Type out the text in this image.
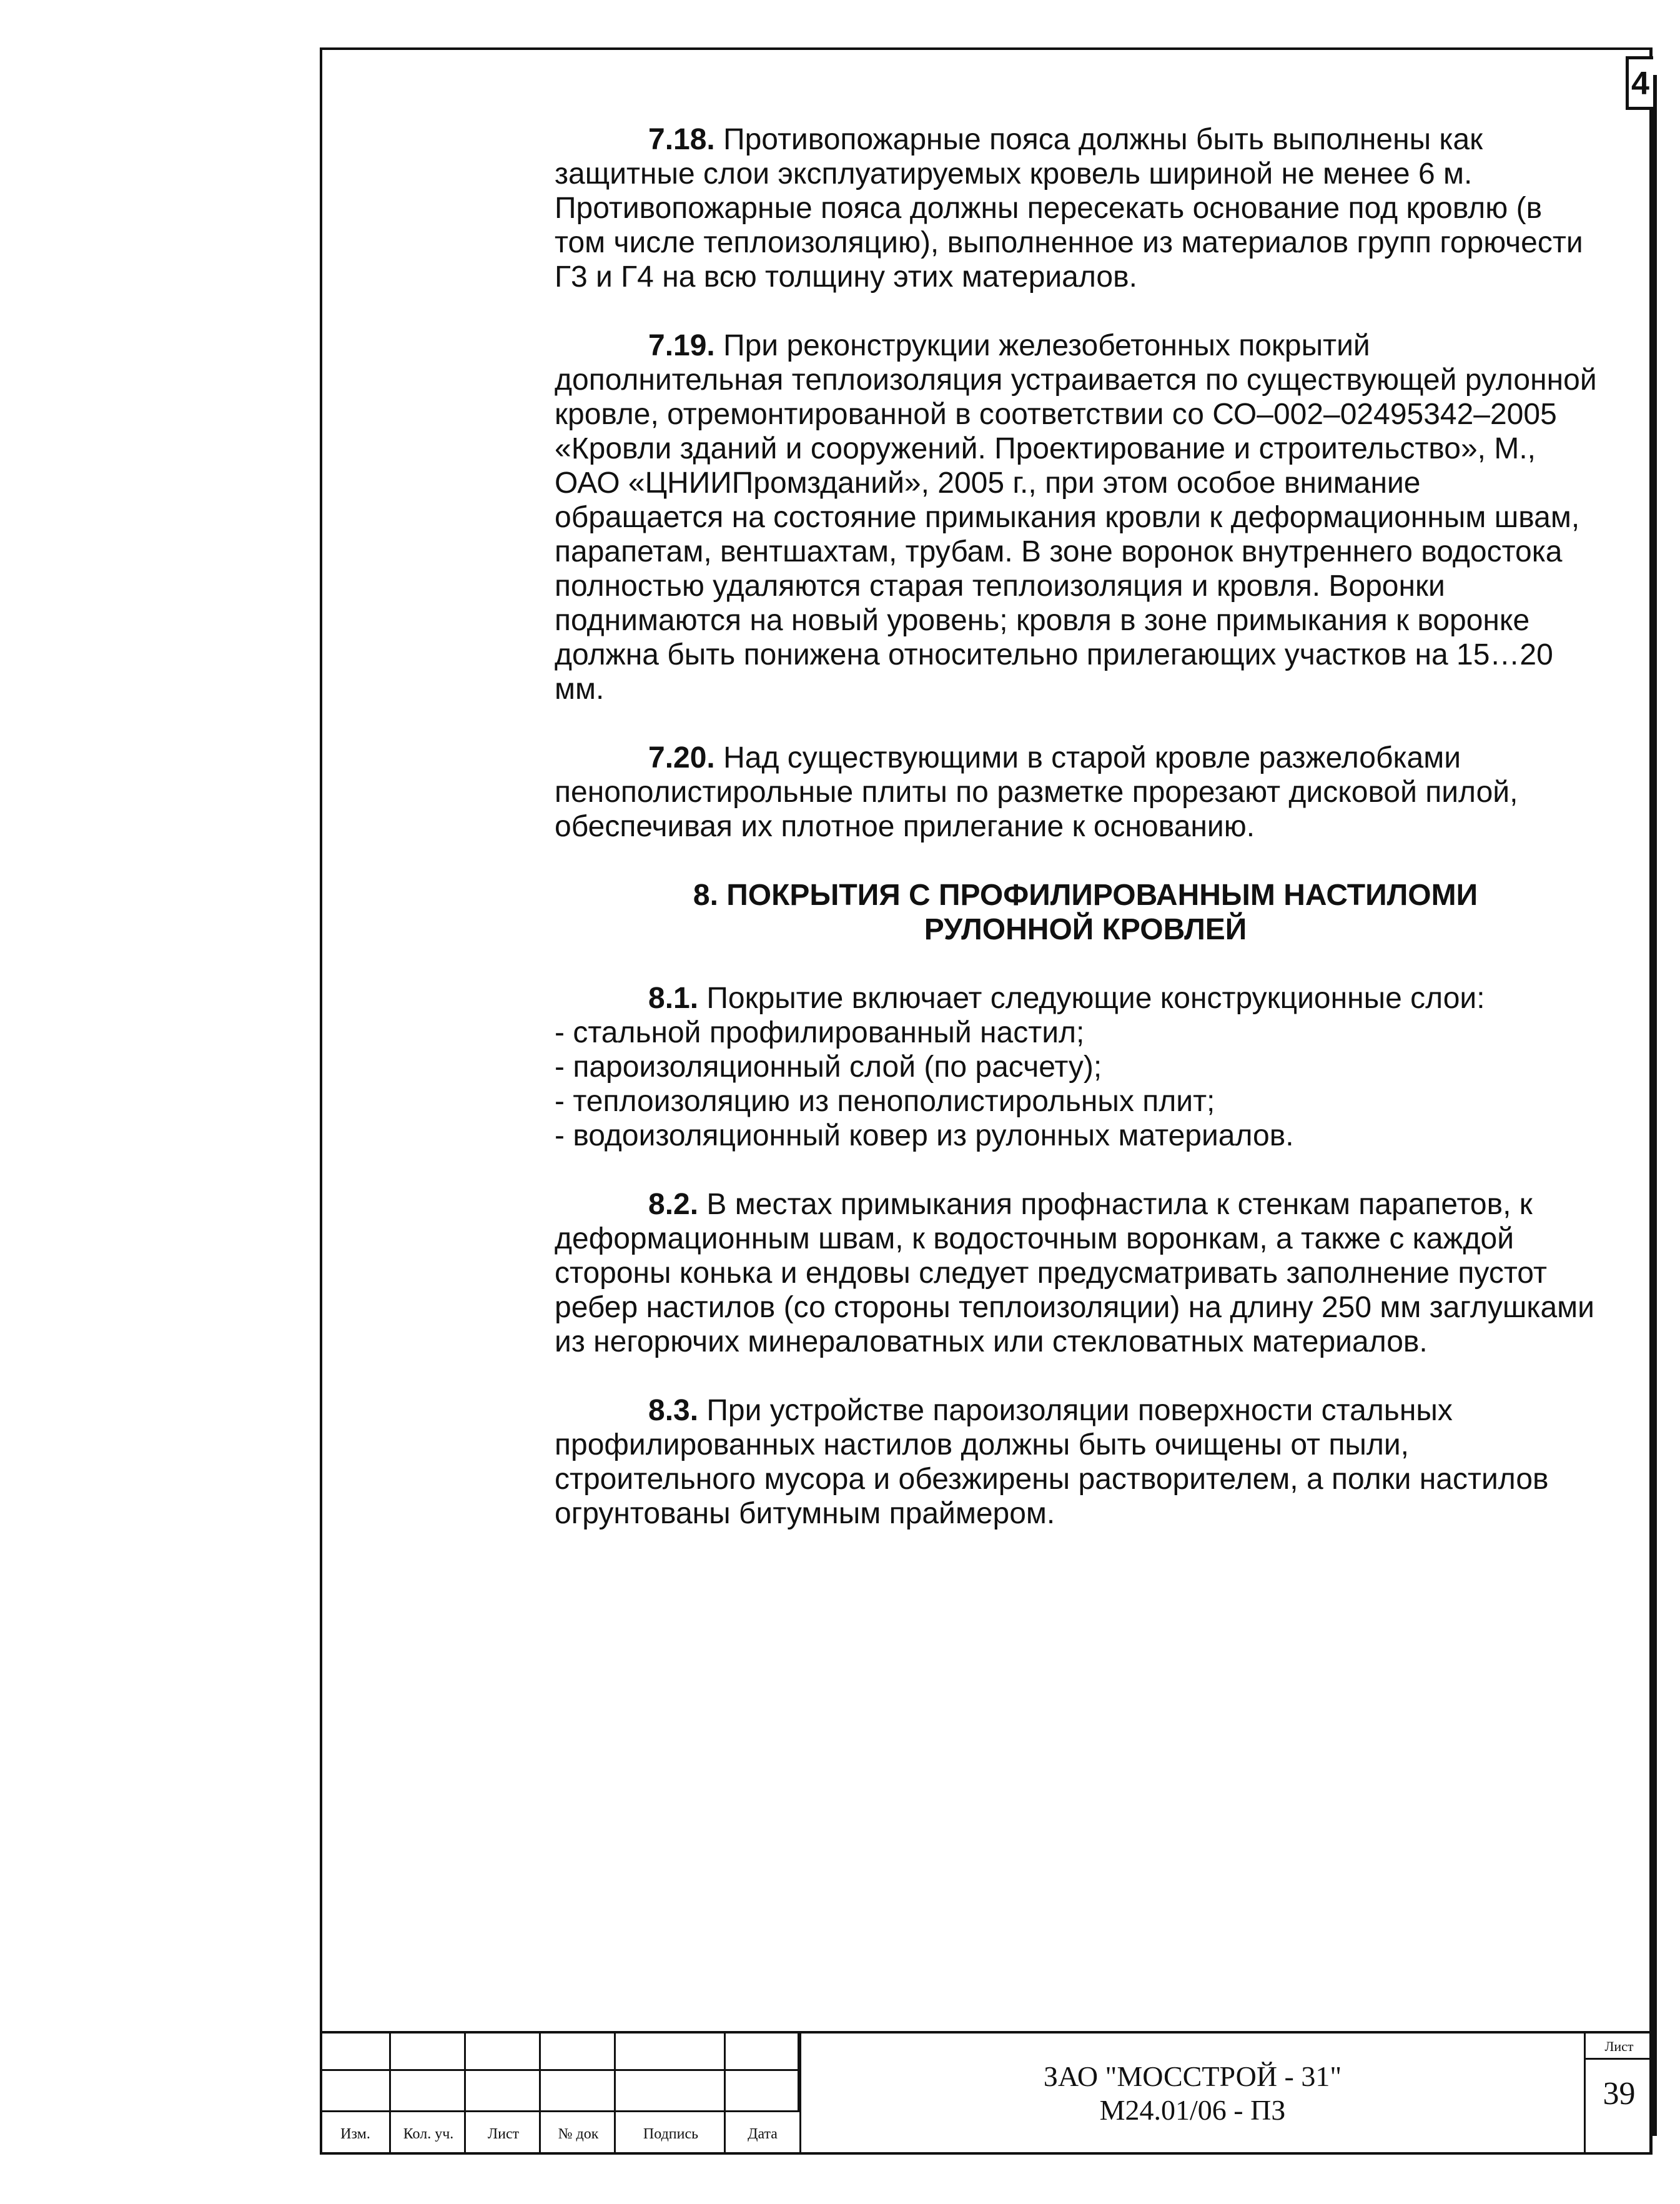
4

7.18. Противопожарные пояса должны быть выполнены как защитные слои эксплуатируемых кровель шириной не менее 6 м. Противопожарные пояса должны пересекать основание под кровлю (в том числе теплоизоляцию), выполненное из материалов групп горючести Г3 и Г4 на всю толщину этих материалов.

7.19. При реконструкции железобетонных покрытий дополнительная теплоизоляция устраивается по существующей рулонной кровле, отремонтированной в соответствии со СО–002–02495342–2005 «Кровли зданий и сооружений. Проектирование и строительство», М., ОАО «ЦНИИПромзданий», 2005 г., при этом особое внимание обращается на состояние примыкания кровли к деформационным швам, парапетам, вентшахтам, трубам. В зоне воронок внутреннего водостока полностью удаляются старая теплоизоляция и кровля. Воронки поднимаются на новый уровень; кровля в зоне примыкания к воронке должна быть понижена относительно прилегающих участков на 15…20 мм.

7.20. Над существующими в старой кровле разжелобками пенополистирольные плиты по разметке прорезают дисковой пилой, обеспечивая их плотное прилегание к основанию.

8. ПОКРЫТИЯ С ПРОФИЛИРОВАННЫМ НАСТИЛОМИ
РУЛОННОЙ КРОВЛЕЙ
8.1. Покрытие включает следующие конструкционные слои:
- стальной профилированный настил;
- пароизоляционный слой (по расчету);
- теплоизоляцию из пенополистирольных плит;
- водоизоляционный ковер из рулонных материалов.

8.2. В местах примыкания профнастила к стенкам парапетов, к деформационным швам, к водосточным воронкам, а также с каждой стороны конька и ендовы следует предусматривать заполнение пустот ребер настилов (со стороны теплоизоляции) на длину 250 мм заглушками из негорючих минераловатных или стекловатных материалов.

8.3. При устройстве пароизоляции поверхности стальных профилированных настилов должны быть очищены от пыли, строительного мусора и обезжирены растворителем, а полки настилов огрунтованы битумным праймером.

Изм.	Кол. уч.	Лист	№ док	Подпись	Дата
ЗАО "МОССТРОЙ - 31"
М24.01/06 - ПЗ
Лист
39
